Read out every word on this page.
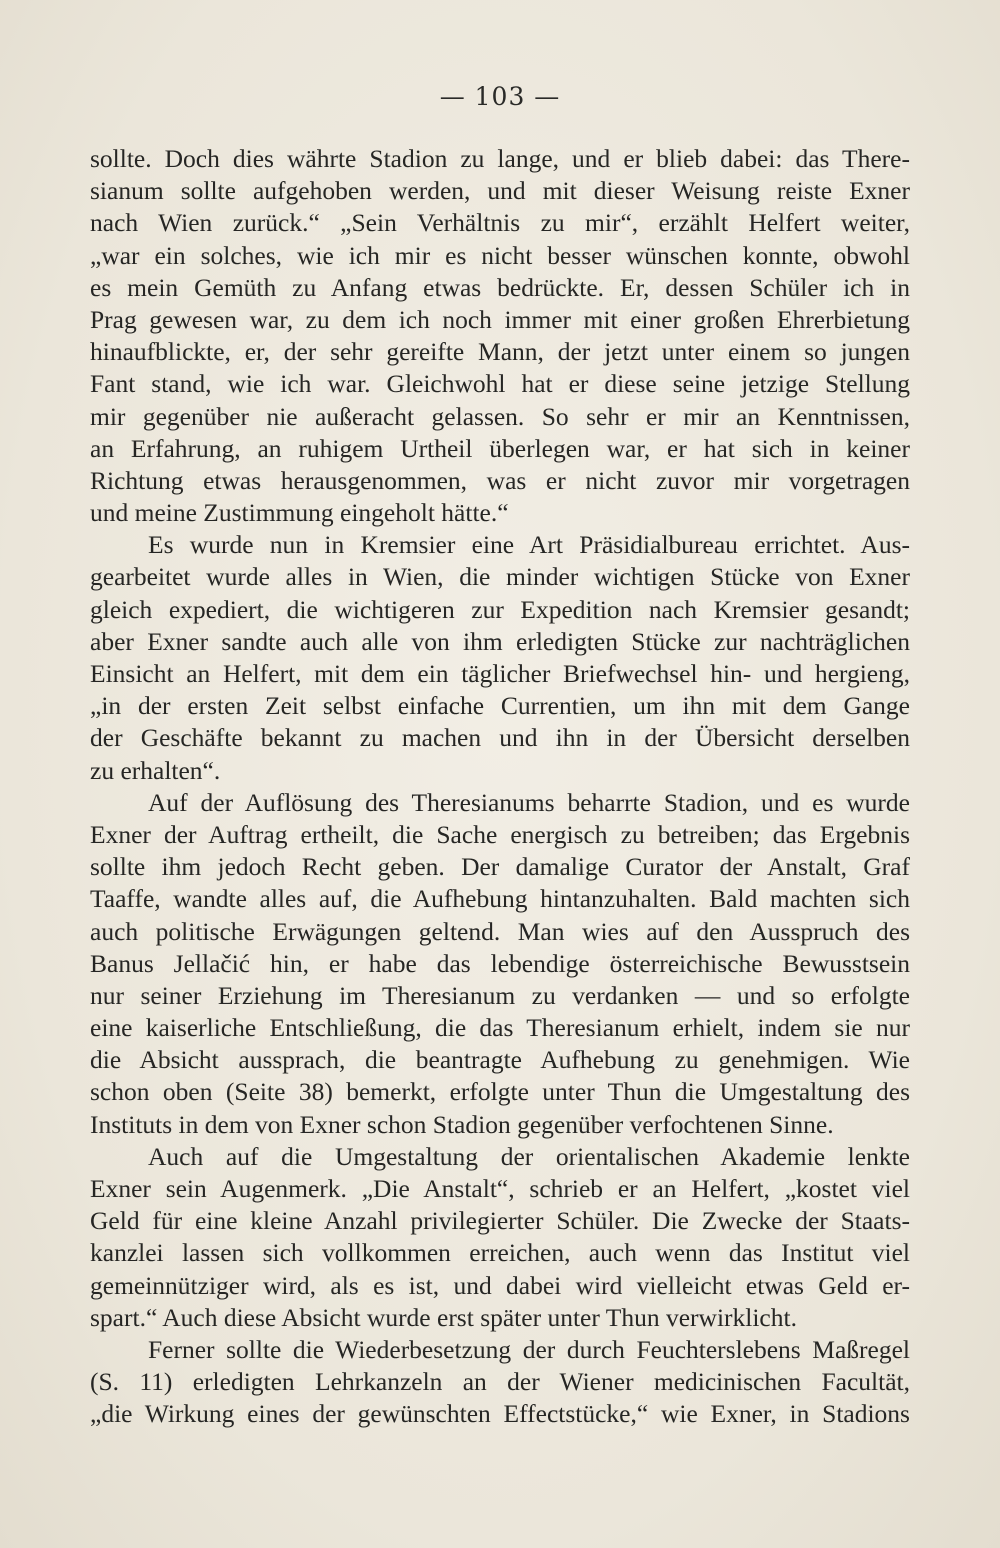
— 103 —
sollte. Doch dies währte Stadion zu lange, und er blieb dabei: das There-
sianum sollte aufgehoben werden, und mit dieser Weisung reiste Exner
nach Wien zurück.“ „Sein Verhältnis zu mir“, erzählt Helfert weiter,
„war ein solches, wie ich mir es nicht besser wünschen konnte, obwohl
es mein Gemüth zu Anfang etwas bedrückte. Er, dessen Schüler ich in
Prag gewesen war, zu dem ich noch immer mit einer großen Ehrerbietung
hinaufblickte, er, der sehr gereifte Mann, der jetzt unter einem so jungen
Fant stand, wie ich war. Gleichwohl hat er diese seine jetzige Stellung
mir gegenüber nie außeracht gelassen. So sehr er mir an Kenntnissen,
an Erfahrung, an ruhigem Urtheil überlegen war, er hat sich in keiner
Richtung etwas herausgenommen, was er nicht zuvor mir vorgetragen
und meine Zustimmung eingeholt hätte.“
Es wurde nun in Kremsier eine Art Präsidialbureau errichtet. Aus-
gearbeitet wurde alles in Wien, die minder wichtigen Stücke von Exner
gleich expediert, die wichtigeren zur Expedition nach Kremsier gesandt;
aber Exner sandte auch alle von ihm erledigten Stücke zur nachträglichen
Einsicht an Helfert, mit dem ein täglicher Briefwechsel hin- und hergieng,
„in der ersten Zeit selbst einfache Currentien, um ihn mit dem Gange
der Geschäfte bekannt zu machen und ihn in der Übersicht derselben
zu erhalten“.
Auf der Auflösung des Theresianums beharrte Stadion, und es wurde
Exner der Auftrag ertheilt, die Sache energisch zu betreiben; das Ergebnis
sollte ihm jedoch Recht geben. Der damalige Curator der Anstalt, Graf
Taaffe, wandte alles auf, die Aufhebung hintanzuhalten. Bald machten sich
auch politische Erwägungen geltend. Man wies auf den Ausspruch des
Banus Jellačić hin, er habe das lebendige österreichische Bewusstsein
nur seiner Erziehung im Theresianum zu verdanken — und so erfolgte
eine kaiserliche Entschließung, die das Theresianum erhielt, indem sie nur
die Absicht aussprach, die beantragte Aufhebung zu genehmigen. Wie
schon oben (Seite 38) bemerkt, erfolgte unter Thun die Umgestaltung des
Instituts in dem von Exner schon Stadion gegenüber verfochtenen Sinne.
Auch auf die Umgestaltung der orientalischen Akademie lenkte
Exner sein Augenmerk. „Die Anstalt“, schrieb er an Helfert, „kostet viel
Geld für eine kleine Anzahl privilegierter Schüler. Die Zwecke der Staats-
kanzlei lassen sich vollkommen erreichen, auch wenn das Institut viel
gemeinnütziger wird, als es ist, und dabei wird vielleicht etwas Geld er-
spart.“ Auch diese Absicht wurde erst später unter Thun verwirklicht.
Ferner sollte die Wiederbesetzung der durch Feuchterslebens Maßregel
(S. 11) erledigten Lehrkanzeln an der Wiener medicinischen Facultät,
„die Wirkung eines der gewünschten Effectstücke,“ wie Exner, in Stadions
